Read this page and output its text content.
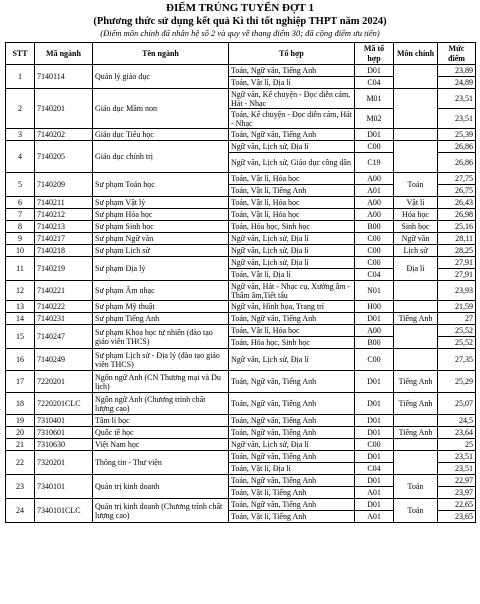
ĐIỂM TRÚNG TUYỂN ĐỢT 1
(Phương thức sử dụng kết quả Kì thi tốt nghiệp THPT năm 2024)
(Điểm môn chính đã nhân hệ số 2 và quy về thang điểm 30; đã cộng điểm ưu tiên)
STT	Mã ngành	Tên ngành	Tổ hợp	Mã tổ hợp	Môn chính	Mức điểm
1	7140114	Quản lý giáo dục	Toán, Ngữ văn, Tiếng Anh	D01		23,89
			Toán, Vật lí, Địa lí	C04		24,89
2	7140201	Giáo dục Mầm non	Ngữ văn, Kể chuyện - Đọc diễn cảm, Hát - Nhạc	M01		23,51
			Toán, Kể chuyện - Đọc diễn cảm, Hát - Nhạc	M02		23,51
3	7140202	Giáo dục Tiểu học	Toán, Ngữ văn, Tiếng Anh	D01		25,39
4	7140205	Giáo dục chính trị	Ngữ văn, Lịch sử, Địa lí	C00		26,86
			Ngữ văn, Lịch sử, Giáo dục công dân	C19		26,86
5	7140209	Sư phạm Toán học	Toán, Vật lí, Hóa học	A00	Toán	27,75
			Toán, Vật lí, Tiếng Anh	A01		26,75
6	7140211	Sư phạm Vật lý	Toán, Vật lí, Hóa học	A00	Vật lí	26,43
7	7140212	Sư phạm Hóa học	Toán, Vật lí, Hóa học	A00	Hóa học	26,98
8	7140213	Sư phạm Sinh học	Toán, Hóa học, Sinh học	B00	Sinh học	25,16
9	7140217	Sư phạm Ngữ văn	Ngữ văn, Lịch sử, Địa lí	C00	Ngữ văn	28,11
10	7140218	Sư phạm Lịch sử	Ngữ văn, Lịch sử, Địa lí	C00	Lịch sử	28,25
11	7140219	Sư phạm Địa lý	Ngữ văn, Lịch sử, Địa lí	C00	Địa lí	27,91
			Toán, Vật lí, Địa lí	C04		27,91
12	7140221	Sư phạm Âm nhạc	Ngữ văn, Hát - Nhạc cụ, Xướng âm - Thẩm âm,Tiết tấu	N01		23,93
13	7140222	Sư phạm Mỹ thuật	Ngữ văn, Hình họa, Trang trí	H00		21,59
14	7140231	Sư phạm Tiếng Anh	Toán, Ngữ văn, Tiếng Anh	D01	Tiếng Anh	27
15	7140247	Sư phạm Khoa học tự nhiên (đào tạo giáo viên THCS)	Toán, Vật lí, Hóa học	A00		25,52
			Toán, Hóa học, Sinh học	B00		25,52
16	7140249	Sư phạm Lịch sử - Địa lý (đào tạo giáo viên THCS)	Ngữ văn, Lịch sử, Địa lí	C00		27,35
17	7220201	Ngôn ngữ Anh (CN Thương mại và Du lịch)	Toán, Ngữ văn, Tiếng Anh	D01	Tiếng Anh	25,29
18	7220201CLC	Ngôn ngữ Anh (Chương trình chất lượng cao)	Toán, Ngữ văn, Tiếng Anh	D01	Tiếng Anh	25,07
19	7310401	Tâm lí học	Toán, Ngữ văn, Tiếng Anh	D01		24,5
20	7310601	Quốc tế học	Toán, Ngữ văn, Tiếng Anh	D01	Tiếng Anh	23,64
21	7310630	Việt Nam học	Ngữ văn, Lịch sử, Địa lí	C00		25
22	7320201	Thông tin - Thư viện	Toán, Ngữ văn, Tiếng Anh	D01		23,51
			Toán, Vật lí, Địa lí	C04		23,51
23	7340101	Quản trị kinh doanh	Toán, Ngữ văn, Tiếng Anh	D01	Toán	22,97
			Toán, Vật lí, Tiếng Anh	A01		23,97
24	7340101CLC	Quản trị kinh doanh (Chương trình chất lượng cao)	Toán, Ngữ văn, Tiếng Anh	D01	Toán	22,65
			Toán, Vật lí, Tiếng Anh	A01		23,65
